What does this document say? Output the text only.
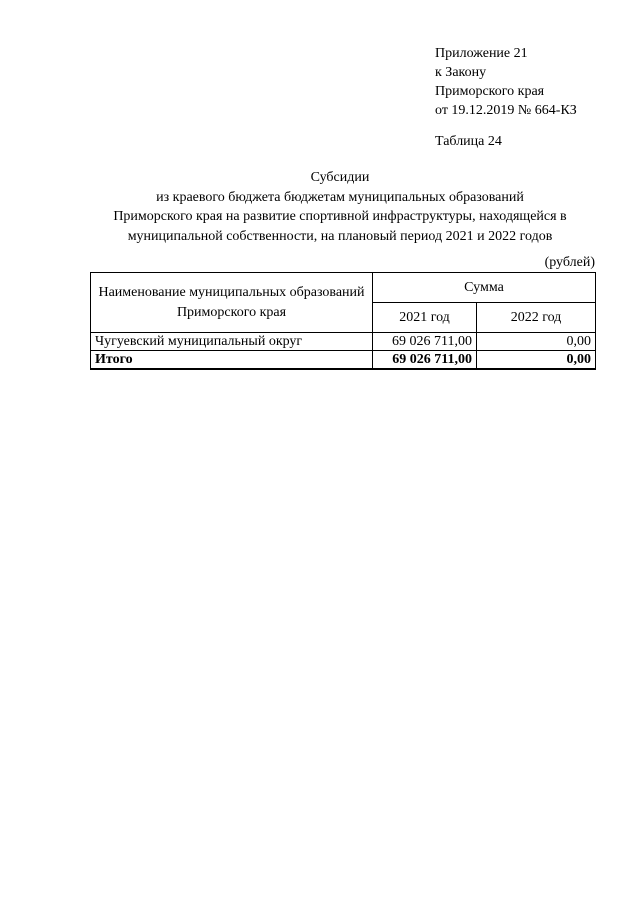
Приложение 21
к Закону
Приморского края
от 19.12.2019 № 664-КЗ
Таблица 24
Субсидии
из краевого бюджета бюджетам муниципальных образований
Приморского края на развитие спортивной инфраструктуры, находящейся в
муниципальной собственности, на плановый период 2021 и 2022 годов
(рублей)
Наименование муниципальных образований Приморского края	Сумма	
	2021 год	2022 год
Чугуевский муниципальный округ	69 026 711,00	0,00
Итого	69 026 711,00	0,00
